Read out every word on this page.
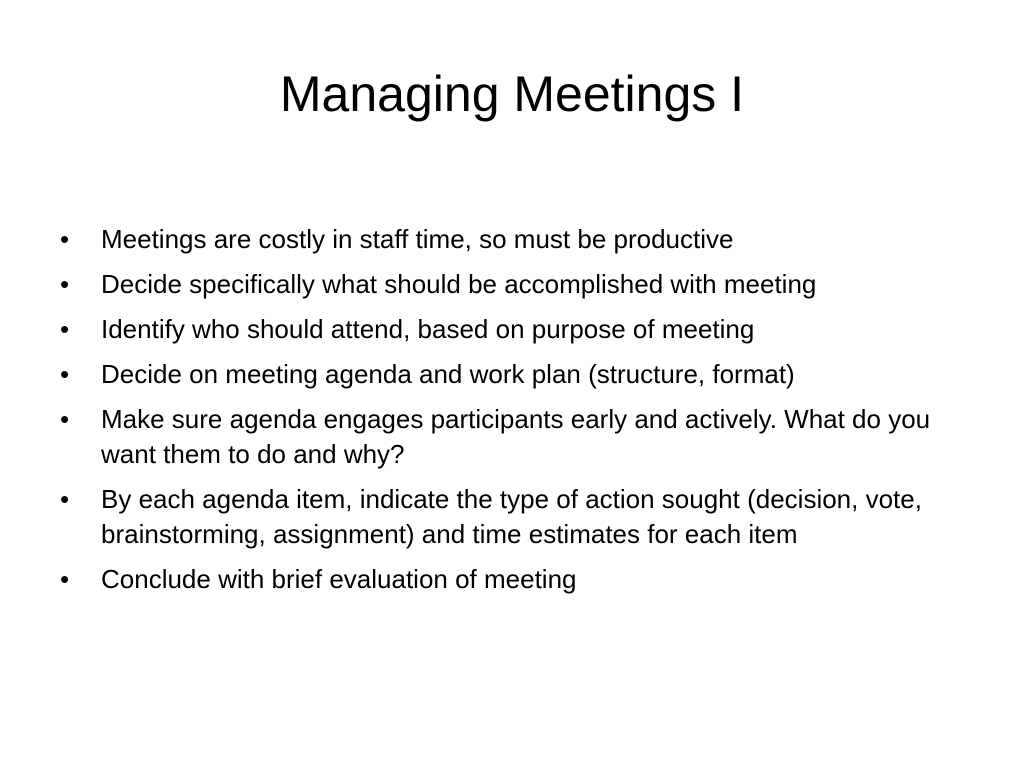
Managing Meetings I
•	Meetings are costly in staff time, so must be productive
•	Decide specifically what should be accomplished with meeting
•	Identify who should attend, based on purpose of meeting
•	Decide on meeting agenda and work plan (structure, format)
•	Make sure agenda engages participants early and actively. What do you want them to do and why?
•	By each agenda item, indicate the type of action sought (decision, vote, brainstorming, assignment) and time estimates for each item
•	Conclude with brief evaluation of meeting
